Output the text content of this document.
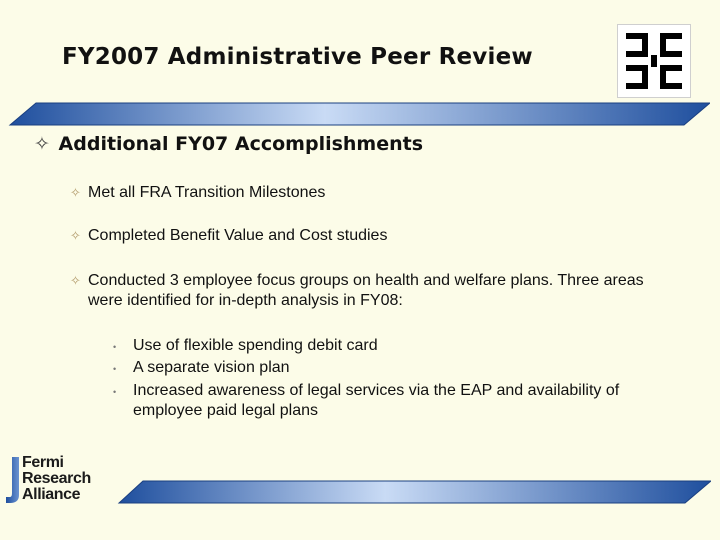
FY2007 Administrative Peer Review
✧ Additional FY07 Accomplishments
✧ Met all FRA Transition Milestones
✧ Completed Benefit Value and Cost studies
✧ Conducted 3 employee focus groups on health and welfare plans. Three areas were identified for in-depth analysis in FY08:
• Use of flexible spending debit card
• A separate vision plan
• Increased awareness of legal services via the EAP and availability of employee paid legal plans
Fermi
Research
Alliance
